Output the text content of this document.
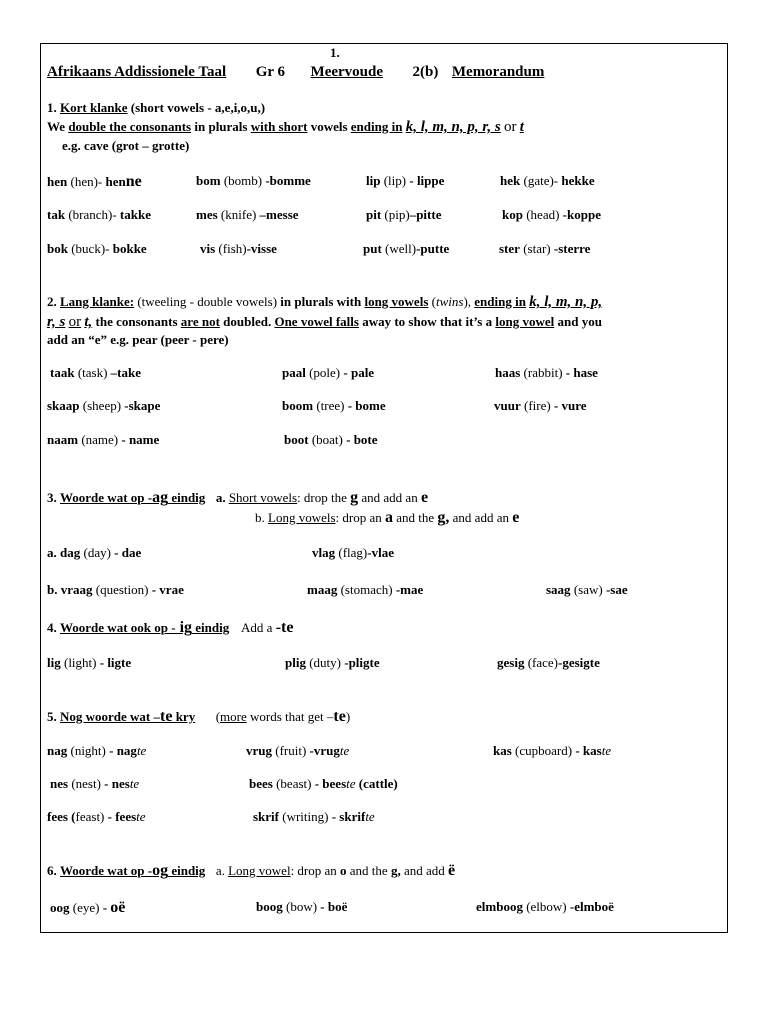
1.
Afrikaans Addissionele Taal Gr 6 Meervoude 2(b) Memorandum
1. Kort klanke (short vowels - a,e,i,o,u,)
We double the consonants in plurals with short vowels ending in k, l, m, n, p, r, s or t
e.g. cave (grot – grotte)
hen (hen)- henne	bom (bomb) -bomme	lip (lip) - lippe	hek (gate)- hekke
tak (branch)- takke	mes (knife) –messe	pit (pip)–pitte	kop (head) -koppe
bok (buck)- bokke	vis (fish)-visse	put (well)-putte	ster (star) -sterre
2. Lang klanke: (tweeling - double vowels) in plurals with long vowels (twins), ending in k, l, m, n, p,
r, s or t, the consonants are not doubled. One vowel falls away to show that it’s a long vowel and you
add an “e” e.g. pear (peer - pere)
taak (task) –take	paal (pole) - pale	haas (rabbit) - hase
skaap (sheep) -skape	boom (tree) - bome	vuur (fire) - vure
naam (name) - name	boot (boat) - bote
3. Woorde wat op -ag eindig a. Short vowels: drop the g and add an e
b. Long vowels: drop an a and the g, and add an e
a. dag (day) - dae	vlag (flag)-vlae
b. vraag (question) - vrae	maag (stomach) -mae	saag (saw) -sae
4. Woorde wat ook op - ig eindig Add a -te
lig (light) - ligte	plig (duty) -pligte	gesig (face)-gesigte
5. Nog woorde wat –te kry (more words that get –te)
nag (night) - nagte	vrug (fruit) -vrugte	kas (cupboard) - kaste
nes (nest) - neste	bees (beast) - beeste (cattle)
fees (feast) - feeste	skrif (writing) - skrifte
6. Woorde wat op -og eindig a. Long vowel: drop an o and the g, and add ë
oog (eye) - oë	boog (bow) - boë	elmboog (elbow) -elmboë
